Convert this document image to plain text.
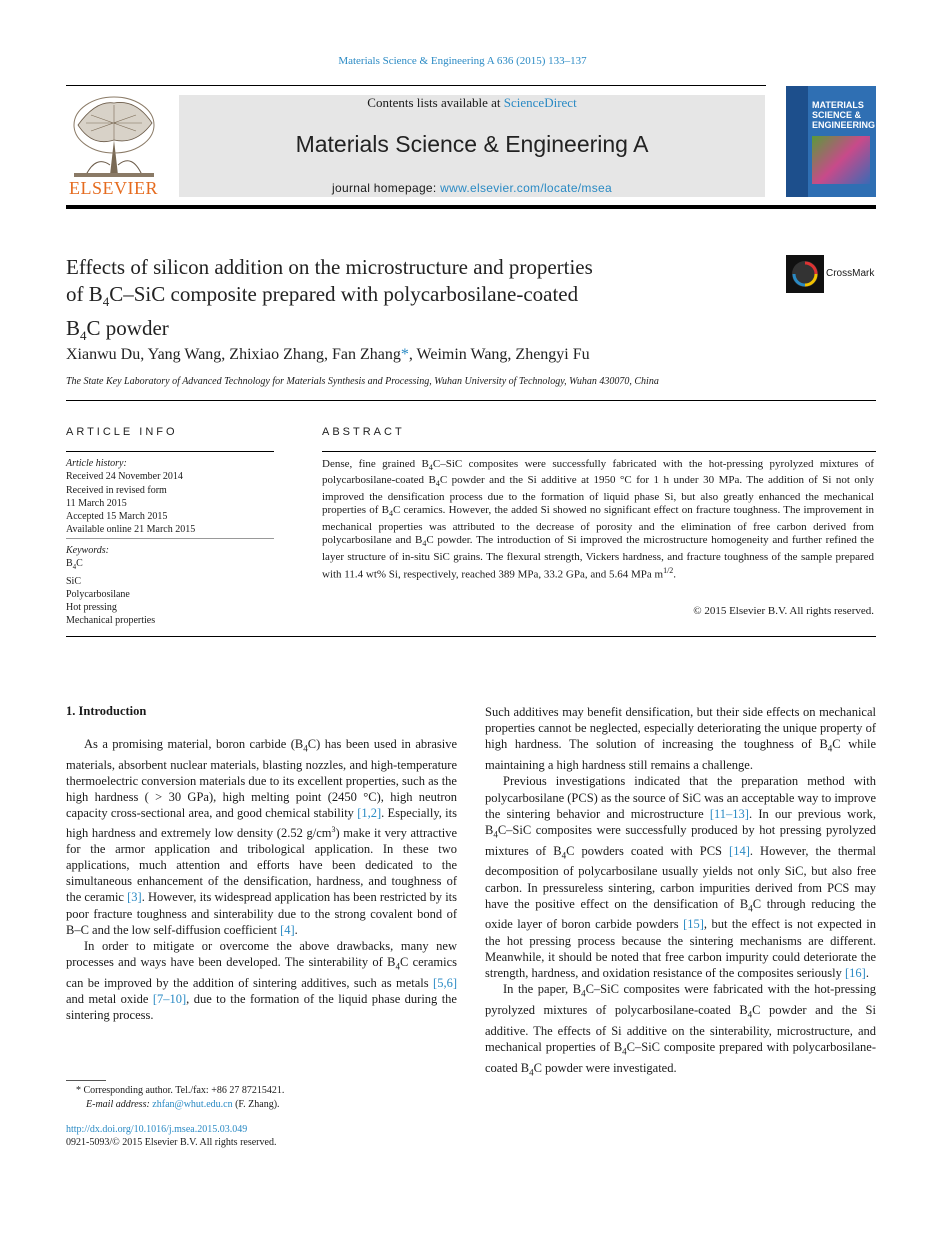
Materials Science & Engineering A 636 (2015) 133–137
ELSEVIER
Contents lists available at ScienceDirect
Materials Science & Engineering A
journal homepage: www.elsevier.com/locate/msea
MATERIALS
SCIENCE &
ENGINEERING
Effects of silicon addition on the microstructure and properties
of $B_4C$–SiC composite prepared with polycarbosilane-coated
$B_4C$ powder
CrossMark
Xianwu Du, Yang Wang, Zhixiao Zhang, Fan Zhang*, Weimin Wang, Zhengyi Fu
The State Key Laboratory of Advanced Technology for Materials Synthesis and Processing, Wuhan University of Technology, Wuhan 430070, China
ARTICLE INFO
Article history:
Received 24 November 2014
Received in revised form
11 March 2015
Accepted 15 March 2015
Available online 21 March 2015
Keywords:
$B_4C$
SiC
Polycarbosilane
Hot pressing
Mechanical properties
ABSTRACT
Dense, fine grained $B_4C$–SiC composites were successfully fabricated with the hot-pressing pyrolyzed mixtures of polycarbosilane-coated $B_4C$ powder and the Si additive at 1950 °C for 1 h under 30 MPa. The addition of Si not only improved the densification process due to the formation of liquid phase Si, but also greatly enhanced the mechanical properties of $B_4C$ ceramics. However, the added Si showed no significant effect on fracture toughness. The improvement in mechanical properties was attributed to the decrease of porosity and the elimination of free carbon derived from polycarbosilane and $B_4C$ powder. The introduction of Si improved the microstructure homogeneity and further refined the layer structure of in-situ SiC grains. The flexural strength, Vickers hardness, and fracture toughness of the sample prepared with 11.4 wt% Si, respectively, reached 389 MPa, 33.2 GPa, and 5.64 MPa $m^{1/2}$.
© 2015 Elsevier B.V. All rights reserved.
1. Introduction

As a promising material, boron carbide $(B_4C)$ has been used in abrasive materials, absorbent nuclear materials, blasting nozzles, and high-temperature thermoelectric conversion materials due to its excellent properties, such as the high hardness ( > 30 GPa), high melting point (2450 °C), high neutron capacity cross-sectional area, and good chemical stability [1,2]. Especially, its high hardness and extremely low density (2.52 $g/cm^3$) make it very attractive for the armor application and tribological application. In these two applications, much attention and efforts have been dedicated to the simultaneous enhancement of the densification, hardness, and toughness of the ceramic [3]. However, its widespread application has been restricted by its poor fracture toughness and sinterability due to the strong covalent bond of B–C and the low self-diffusion coefficient [4].

In order to mitigate or overcome the above drawbacks, many new processes and ways have been developed. The sinterability of $B_4C$ ceramics can be improved by the addition of sintering additives, such as metals [5,6] and metal oxide [7–10], due to the formation of the liquid phase during the sintering process.

* Corresponding author. Tel./fax: +86 27 87215421.
E-mail address: zhfan@whut.edu.cn (F. Zhang).
http://dx.doi.org/10.1016/j.msea.2015.03.049
0921-5093/© 2015 Elsevier B.V. All rights reserved.

Such additives may benefit densification, but their side effects on mechanical properties cannot be neglected, especially deteriorating the unique property of high hardness. The solution of increasing the toughness of $B_4C$ while maintaining a high hardness still remains a challenge.

Previous investigations indicated that the preparation method with polycarbosilane (PCS) as the source of SiC was an acceptable way to improve the sintering behavior and microstructure [11–13]. In our previous work, $B_4C$–SiC composites were successfully produced by hot pressing pyrolyzed mixtures of $B_4C$ powders coated with PCS [14]. However, the thermal decomposition of polycarbosilane usually yields not only SiC, but also free carbon. In pressureless sintering, carbon impurities derived from PCS may have the positive effect on the densification of $B_4C$ through reducing the oxide layer of boron carbide powders [15], but the effect is not expected in the hot pressing process because the sintering mechanisms are different. Meanwhile, it should be noted that free carbon impurity could deteriorate the strength, hardness, and oxidation resistance of the composites seriously [16].

In the paper, $B_4C$–SiC composites were fabricated with the hot-pressing pyrolyzed mixtures of polycarbosilane-coated $B_4C$ powder and the Si additive. The effects of Si additive on the sinterability, microstructure, and mechanical properties of $B_4C$–SiC composite prepared with polycarbosilane-coated $B_4C$ powder were investigated.
